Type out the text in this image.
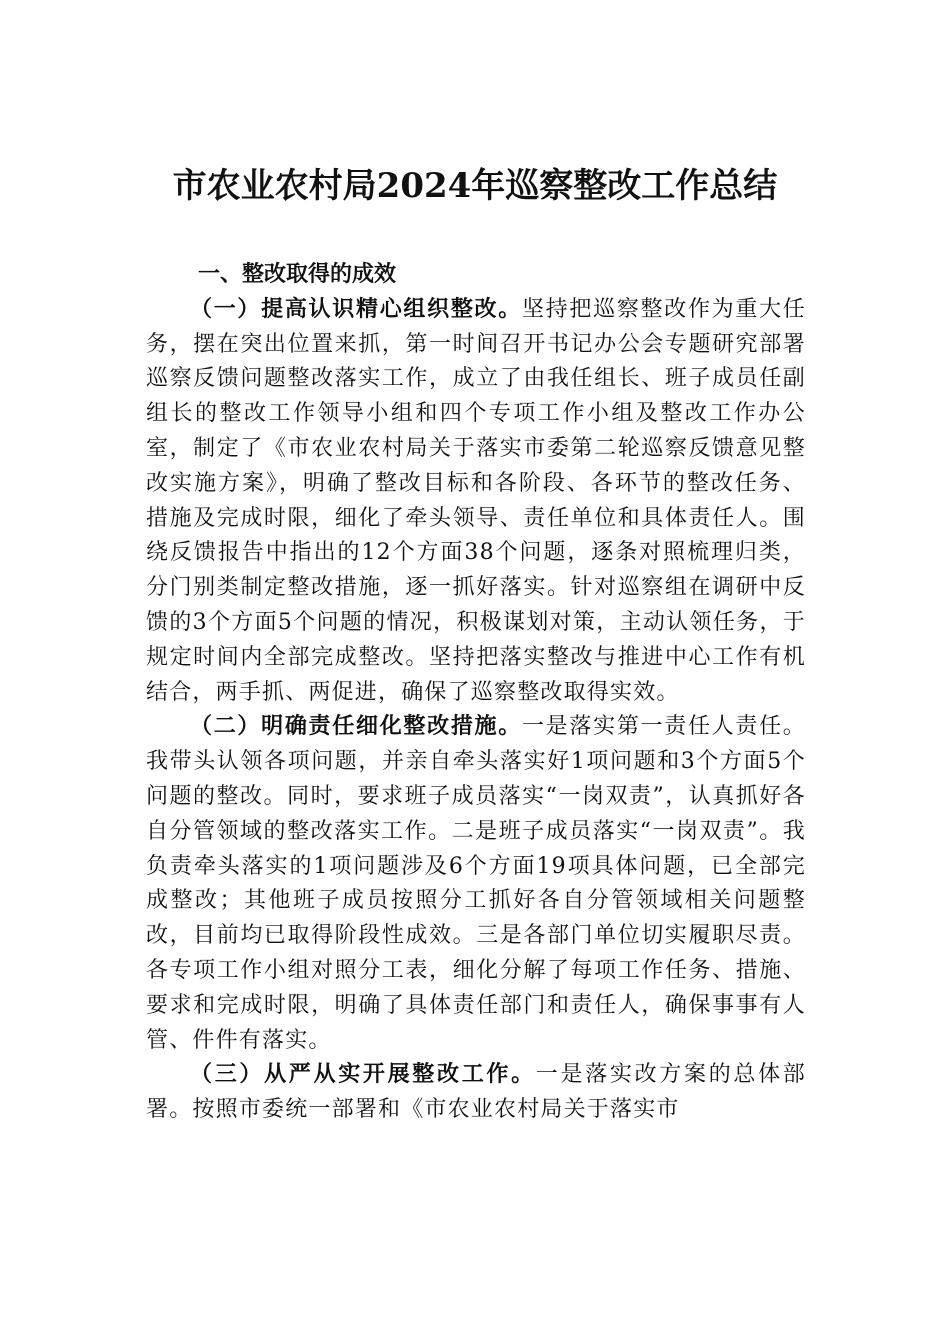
市农业农村局2024年巡察整改工作总结

一、整改取得的成效

（一）提高认识精心组织整改。坚持把巡察整改作为重大任务，摆在突出位置来抓，第一时间召开书记办公会专题研究部署巡察反馈问题整改落实工作，成立了由我任组长、班子成员任副组长的整改工作领导小组和四个专项工作小组及整改工作办公室，制定了《市农业农村局关于落实市委第二轮巡察反馈意见整改实施方案》，明确了整改目标和各阶段、各环节的整改任务、措施及完成时限，细化了牵头领导、责任单位和具体责任人。围绕反馈报告中指出的12个方面38个问题，逐条对照梳理归类，分门别类制定整改措施，逐一抓好落实。针对巡察组在调研中反馈的3个方面5个问题的情况，积极谋划对策，主动认领任务，于规定时间内全部完成整改。坚持把落实整改与推进中心工作有机结合，两手抓、两促进，确保了巡察整改取得实效。

（二）明确责任细化整改措施。一是落实第一责任人责任。我带头认领各项问题，并亲自牵头落实好1项问题和3个方面5个问题的整改。同时，要求班子成员落实“一岗双责”，认真抓好各自分管领域的整改落实工作。二是班子成员落实“一岗双责”。我负责牵头落实的1项问题涉及6个方面19项具体问题，已全部完成整改；其他班子成员按照分工抓好各自分管领域相关问题整改，目前均已取得阶段性成效。三是各部门单位切实履职尽责。各专项工作小组对照分工表，细化分解了每项工作任务、措施、要求和完成时限，明确了具体责任部门和责任人，确保事事有人管、件件有落实。

（三）从严从实开展整改工作。一是落实改方案的总体部署。按照市委统一部署和《市农业农村局关于落实市
